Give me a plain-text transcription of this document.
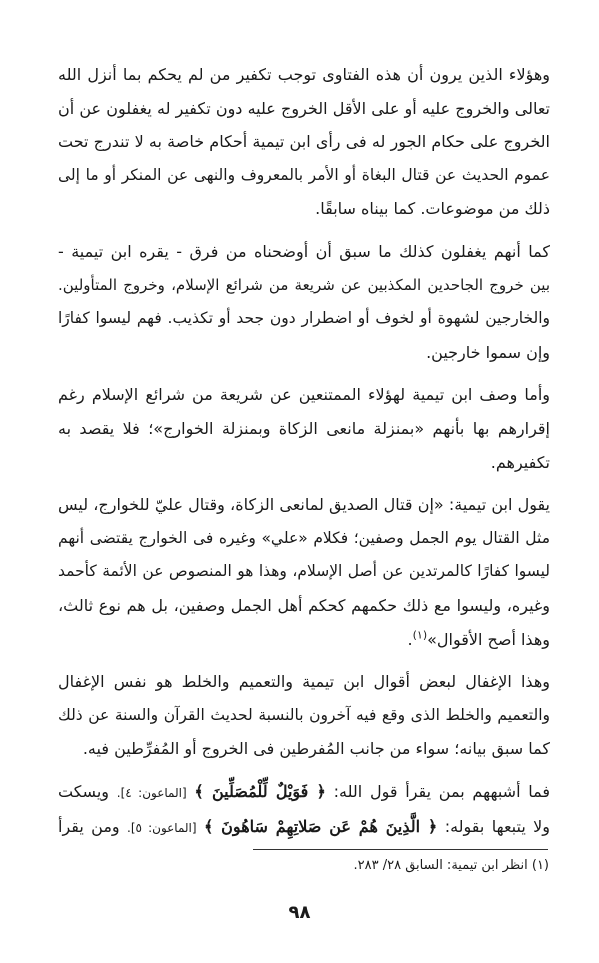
وهؤلاء الذين يرون أن هذه الفتاوى توجب تكفير من لم يحكم بما أنزل الله
تعالى والخروج عليه أو على الأقل الخروج عليه دون تكفير له يغفلون عن أن
الخروج على حكام الجور له فى رأى ابن تيمية أحكام خاصة به لا تندرج تحت
عموم الحديث عن قتال البغاة أو الأمر بالمعروف والنهى عن المنكر أو ما إلى
ذلك من موضوعات. كما بيناه سابقًا.
كما أنهم يغفلون كذلك ما سبق أن أوضحناه من فرق - يقره ابن تيمية -
بين خروج الجاحدين المكذبين عن شريعة من شرائع الإسلام، وخروج المتأولين.
والخارجين لشهوة أو لخوف أو اضطرار دون جحد أو تكذيب. فهم ليسوا كفارًا
وإن سموا خارجين.
وأما وصف ابن تيمية لهؤلاء الممتنعين عن شريعة من شرائع الإسلام رغم
إقرارهم بها بأنهم «بمنزلة مانعى الزكاة وبمنزلة الخوارج»؛ فلا يقصد به
تكفيرهم.
يقول ابن تيمية: «إن قتال الصديق لمانعى الزكاة، وقتال عليّ للخوارج، ليس
مثل القتال يوم الجمل وصفين؛ فكلام «علي» وغيره فى الخوارج يقتضى أنهم
ليسوا كفارًا كالمرتدين عن أصل الإسلام، وهذا هو المنصوص عن الأئمة كأحمد
وغيره، وليسوا مع ذلك حكمهم كحكم أهل الجمل وصفين، بل هم نوع ثالث،
وهذا أصح الأقوال»$^{(١)}$.
وهذا الإغفال لبعض أقوال ابن تيمية والتعميم والخلط هو نفس الإغفال
والتعميم والخلط الذى وقع فيه آخرون بالنسبة لحديث القرآن والسنة عن ذلك
كما سبق بيانه؛ سواء من جانب المُفرطين فى الخروج أو المُفرِّطين فيه.
فما أشبههم بمن يقرأ قول الله: ﴿ فَوَيْلٌ لِّلْمُصَلِّينَ ﴾ [الماعون: ٤]. ويسكت
ولا يتبعها بقوله: ﴿ الَّذِينَ هُمْ عَن صَلاتِهِمْ سَاهُونَ ﴾ [الماعون: ٥]. ومن يقرأ
(١) انظر ابن تيمية: السابق ٢٨/ ٢٨٣.
٩٨
